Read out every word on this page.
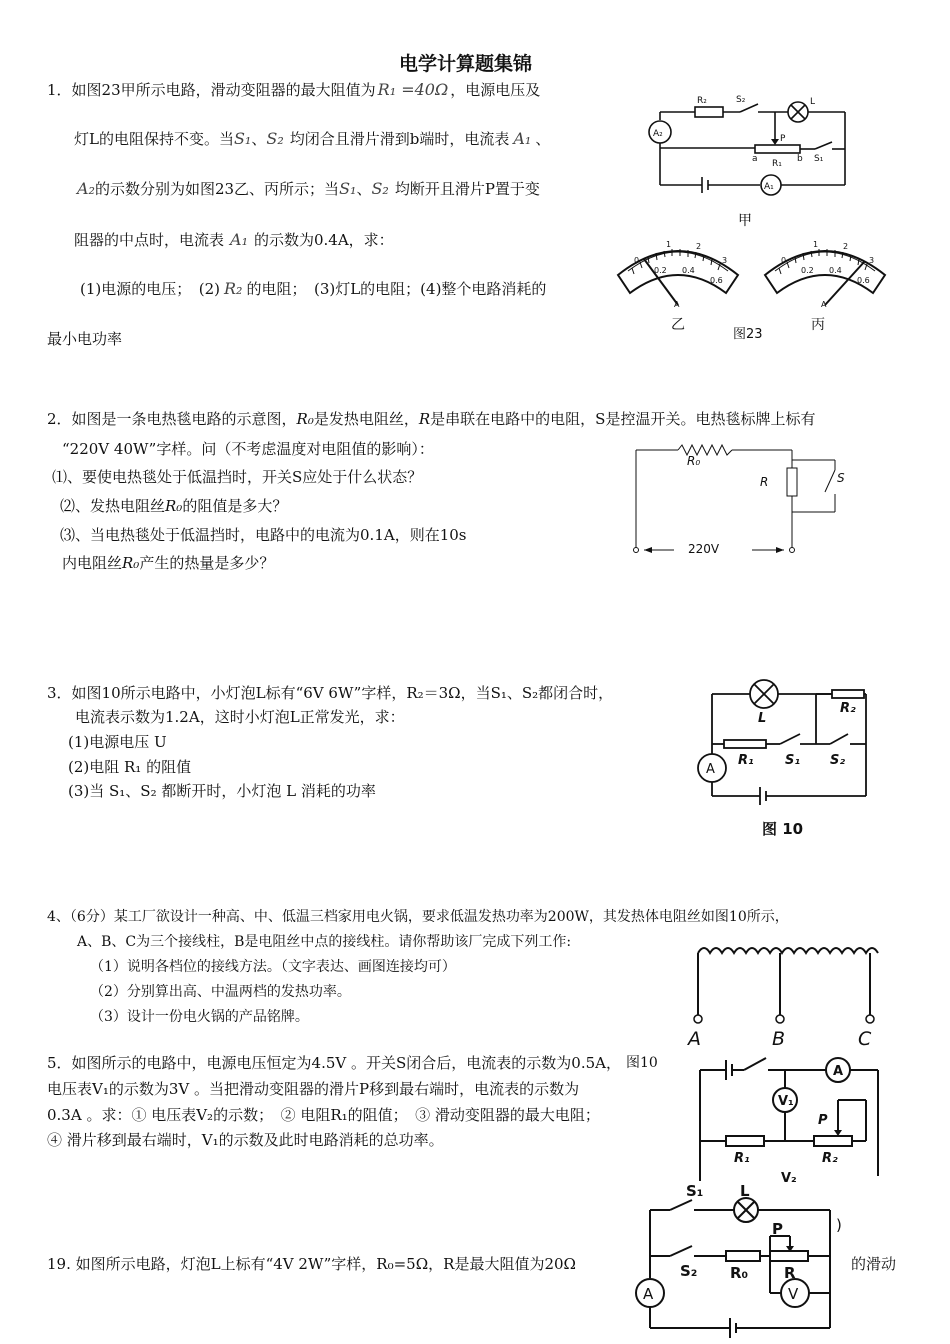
电学计算题集锦
1．如图23甲所示电路，滑动变阻器的最大阻值为 R₁ =40Ω ，电源电压及
灯L的电阻保持不变。当S₁、S₂ 均闭合且滑片滑到b端时，电流表 A₁ 、
A₂的示数分别为如图23乙、丙所示；当S₁、S₂ 均断开且滑片P置于变
阻器的中点时，电流表 A₁ 的示数为0.4A，求：
(1)电源的电压；　(2) R₂ 的电阻；　(3)灯L的电阻；(4)整个电路消耗的
最小电功率
R₂	S₂	L
A₂	P
a R₁ b S₁
A₁
甲
0
1	2
3
0.2 0.4
0.6
A
乙
0
1	2
3
0.2 0.4
0.6
A
丙
图23
2．如图是一条电热毯电路的示意图，R₀是发热电阻丝，R是串联在电路中的电阻，S是控温开关。电热毯标牌上标有
“220V 40W”字样。问（不考虑温度对电阻值的影响）：
⑴、要使电热毯处于低温挡时，开关S应处于什么状态？
⑵、发热电阻丝R₀的阻值是多大？
⑶、当电热毯处于低温挡时，电路中的电流为0.1A，则在10s
内电阻丝R₀产生的热量是多少？
R₀
R	S
220V
3．如图10所示电路中，小灯泡L标有“6V 6W”字样，R₂＝3Ω，当S₁、S₂都闭合时，
电流表示数为1.2A，这时小灯泡L正常发光，求：
(1)电源电压 U
(2)电阻 R₁ 的阻值
(3)当 S₁、S₂ 都断开时，小灯泡 L 消耗的功率
L
R₂
R₁ S₁ S₂
A
图 10
4、（6分）某工厂欲设计一种高、中、低温三档家用电火锅，要求低温发热功率为200W，其发热体电阻丝如图10所示，
A、B、C为三个接线柱，B是电阻丝中点的接线柱。请你帮助该厂完成下列工作:
（1）说明各档位的接线方法。（文字表达、画图连接均可）
（2）分别算出高、中温两档的发热功率。
（3）设计一份电火锅的产品铭牌。
A	B	C
A
V₁
P
R₁	R₂
V₂
图10
5．如图所示的电路中，电源电压恒定为4.5V 。开关S闭合后，电流表的示数为0.5A，
电压表V₁的示数为3V 。当把滑动变阻器的滑片P移到最右端时，电流表的示数为
0.3A 。求：① 电压表V₂的示数；　② 电阻R₁的阻值；　③ 滑动变阻器的最大电阻；
④ 滑片移到最右端时，V₁的示数及此时电路消耗的总功率。
19. 如图所示电路，灯泡L上标有“4V 2W”字样，R₀=5Ω，R是最大阻值为20Ω	的滑动
S₁ L
P
S₂ R₀ R
A	V
)
